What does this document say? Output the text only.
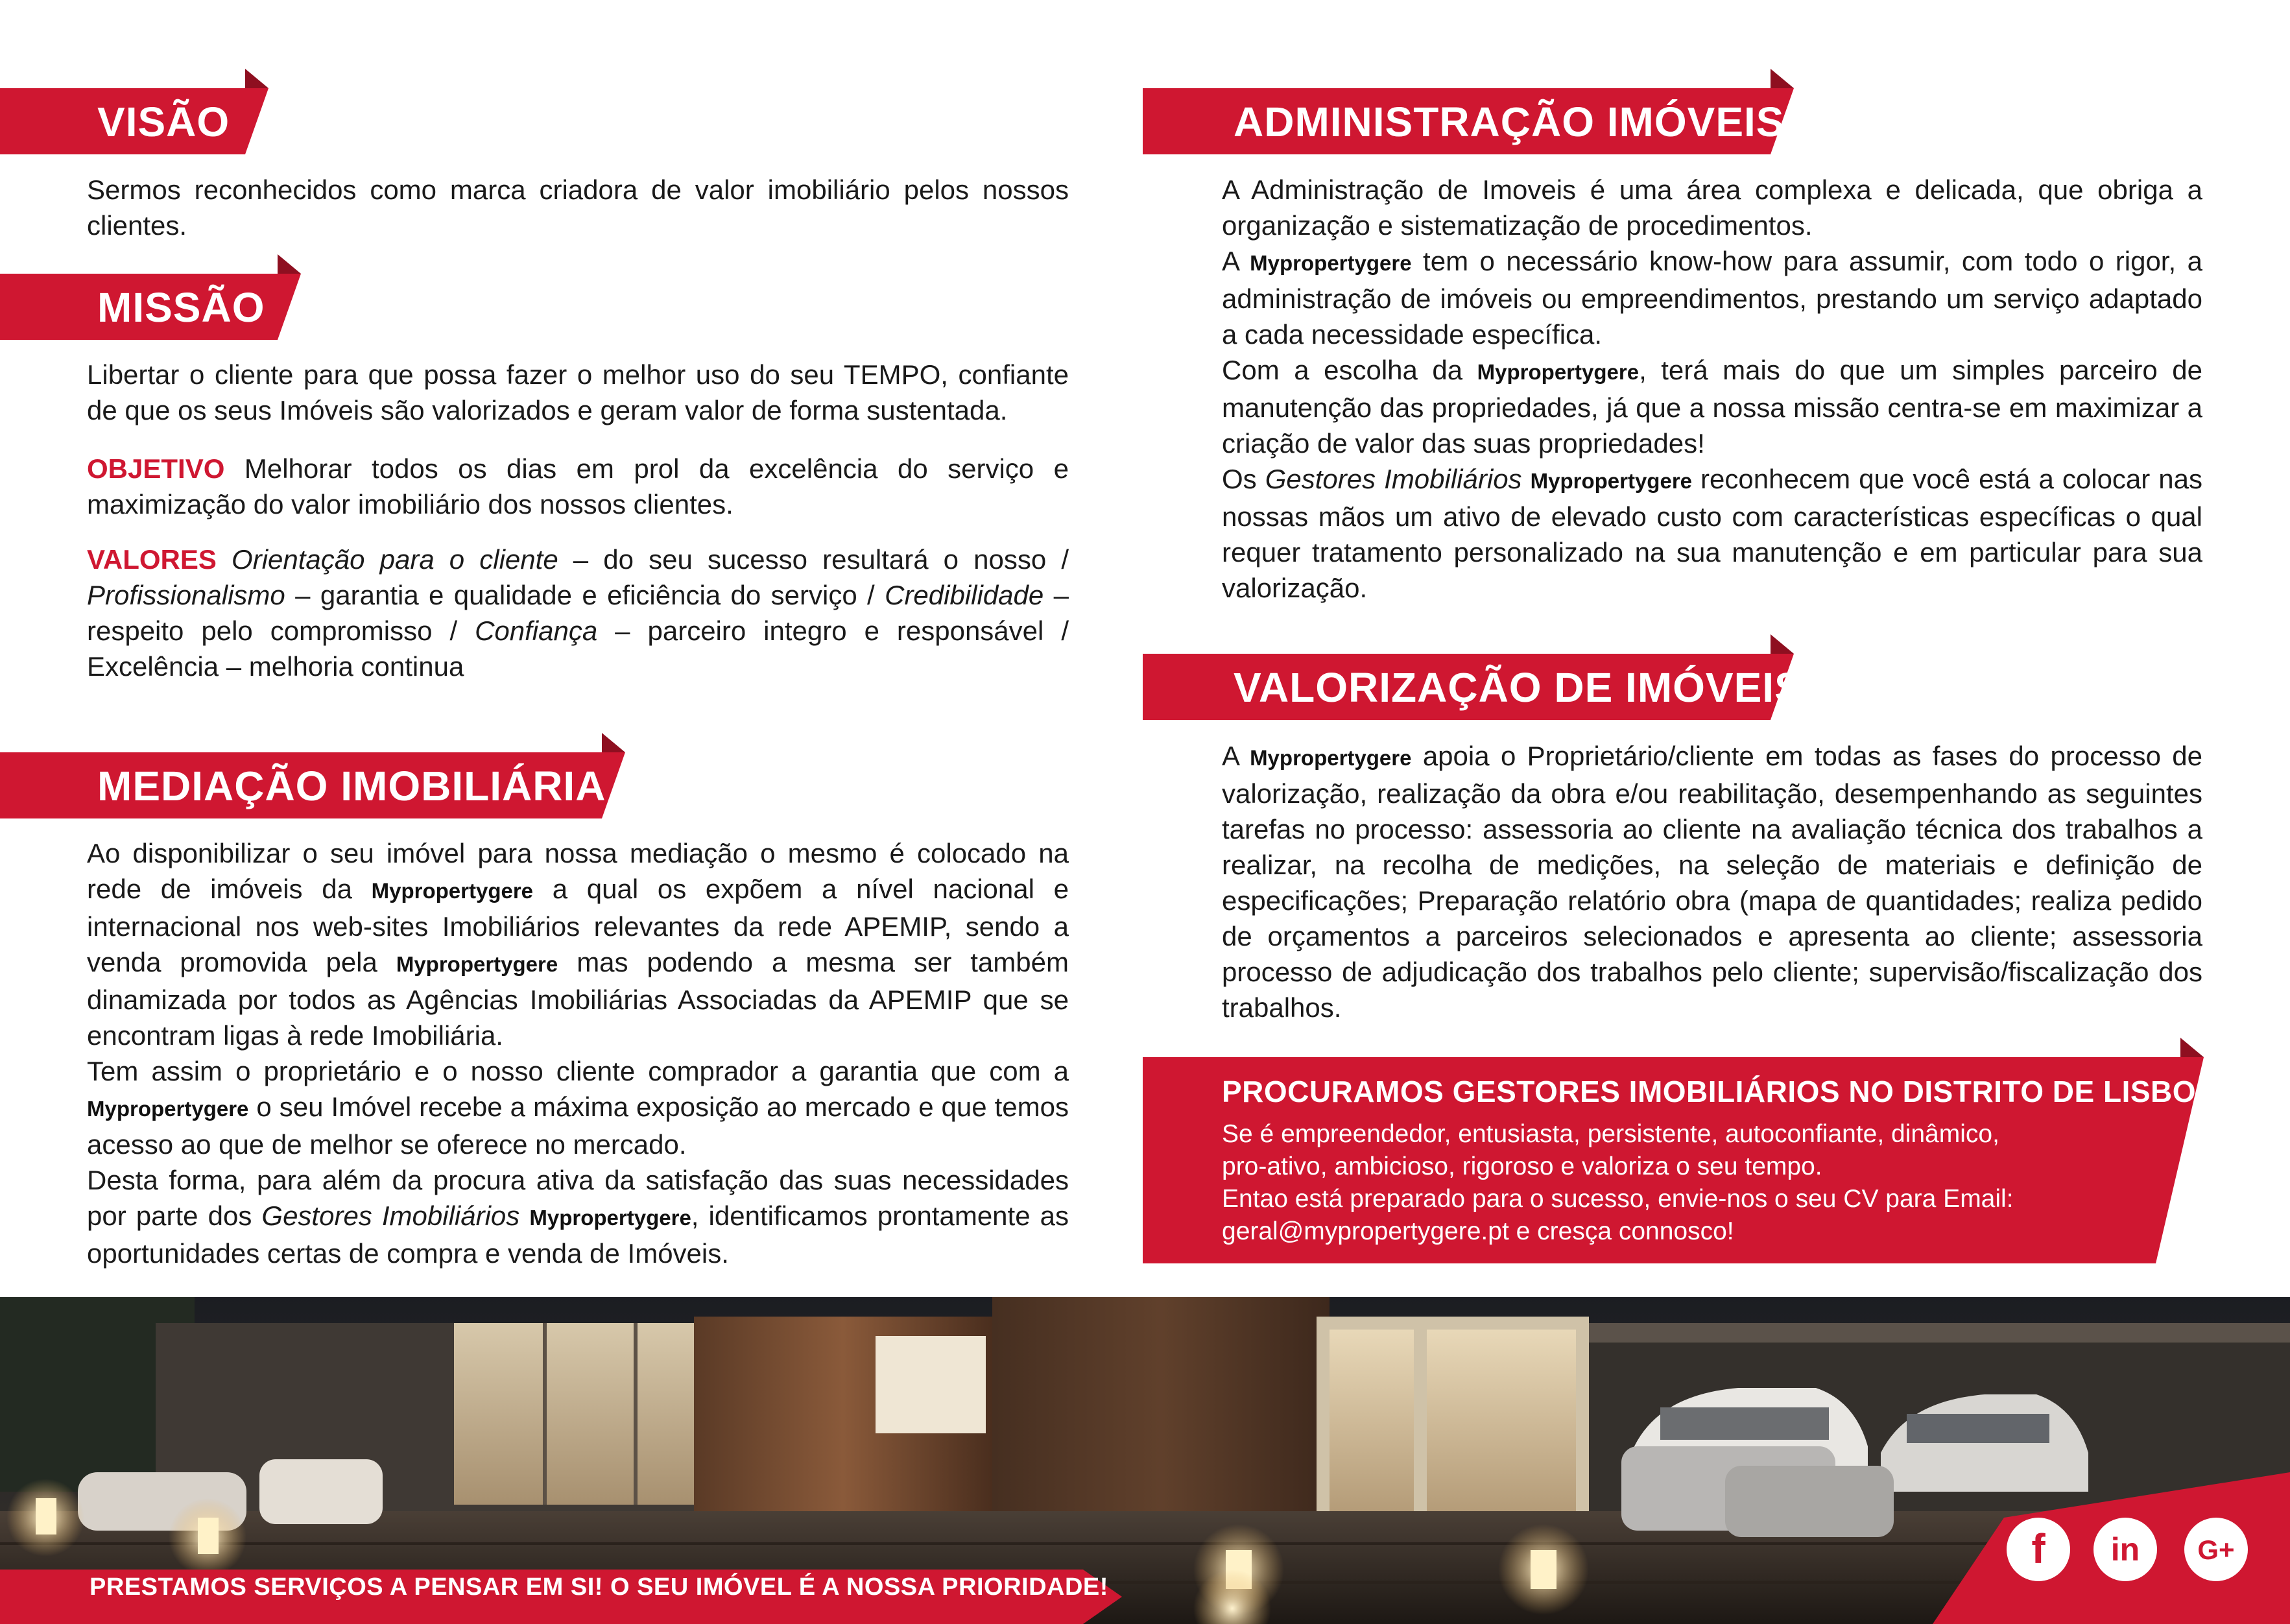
VISÃO

Sermos reconhecidos como marca criadora de valor imobiliário pelos nossos clientes.

MISSÃO

Libertar o cliente para que possa fazer o melhor uso do seu TEMPO, confiante de que os seus Imóveis são valorizados e geram valor de forma sustentada.

OBJETIVO Melhorar todos os dias em prol da excelência do serviço e maximização do valor imobiliário dos nossos clientes.

VALORES Orientação para o cliente – do seu sucesso resultará o nosso / Profissionalismo – garantia e qualidade e eficiência do serviço / Credibilidade – respeito pelo compromisso / Confiança – parceiro integro e responsável / Excelência – melhoria continua

MEDIAÇÃO IMOBILIÁRIA

Ao disponibilizar o seu imóvel para nossa mediação o mesmo é colocado na rede de imóveis da Mypropertygere a qual os expõem a nível nacional e internacional nos web-sites Imobiliários relevantes da rede APEMIP, sendo a venda promovida pela Mypropertygere mas podendo a mesma ser também dinamizada por todos as Agências Imobiliárias Associadas da APEMIP que se encontram ligas à rede Imobiliária.

Tem assim o proprietário e o nosso cliente comprador a garantia que com a Mypropertygere o seu Imóvel recebe a máxima exposição ao mercado e que temos acesso ao que de melhor se oferece no mercado.

Desta forma, para além da procura ativa da satisfação das suas necessidades por parte dos Gestores Imobiliários Mypropertygere, identificamos prontamente as oportunidades certas de compra e venda de Imóveis.

ADMINISTRAÇÃO IMÓVEIS

A Administração de Imoveis é uma área complexa e delicada, que obriga a organização e sistematização de procedimentos.

A Mypropertygere tem o necessário know-how para assumir, com todo o rigor, a administração de imóveis ou empreendimentos, prestando um serviço adaptado a cada necessidade específica.

Com a escolha da Mypropertygere, terá mais do que um simples parceiro de manutenção das propriedades, já que a nossa missão centra-se em maximizar a criação de valor das suas propriedades!

Os Gestores Imobiliários Mypropertygere reconhecem que você está a colocar nas nossas mãos um ativo de elevado custo com características específicas o qual requer tratamento personalizado na sua manutenção e em particular para sua valorização.

VALORIZAÇÃO DE IMÓVEIS

A Mypropertygere apoia o Proprietário/cliente em todas as fases do processo de valorização, realização da obra e/ou reabilitação, desempenhando as seguintes tarefas no processo: assessoria ao cliente na avaliação técnica dos trabalhos a realizar, na recolha de medições, na seleção de materiais e definição de especificações; Preparação relatório obra (mapa de quantidades; realiza pedido de orçamentos a parceiros selecionados e apresenta ao cliente; assessoria processo de adjudicação dos trabalhos pelo cliente; supervisão/fiscalização dos trabalhos.

PROCURAMOS GESTORES IMOBILIÁRIOS NO DISTRITO DE LISBOA
Se é empreendedor, entusiasta, persistente, autoconfiante, dinâmico,
pro-ativo, ambicioso, rigoroso e valoriza o seu tempo.
Entao está preparado para o sucesso, envie-nos o seu CV para Email:
geral@mypropertygere.pt e cresça connosco!
PRESTAMOS SERVIÇOS A PENSAR EM SI! O SEU IMÓVEL É A NOSSA PRIORIDADE!
f in G+
